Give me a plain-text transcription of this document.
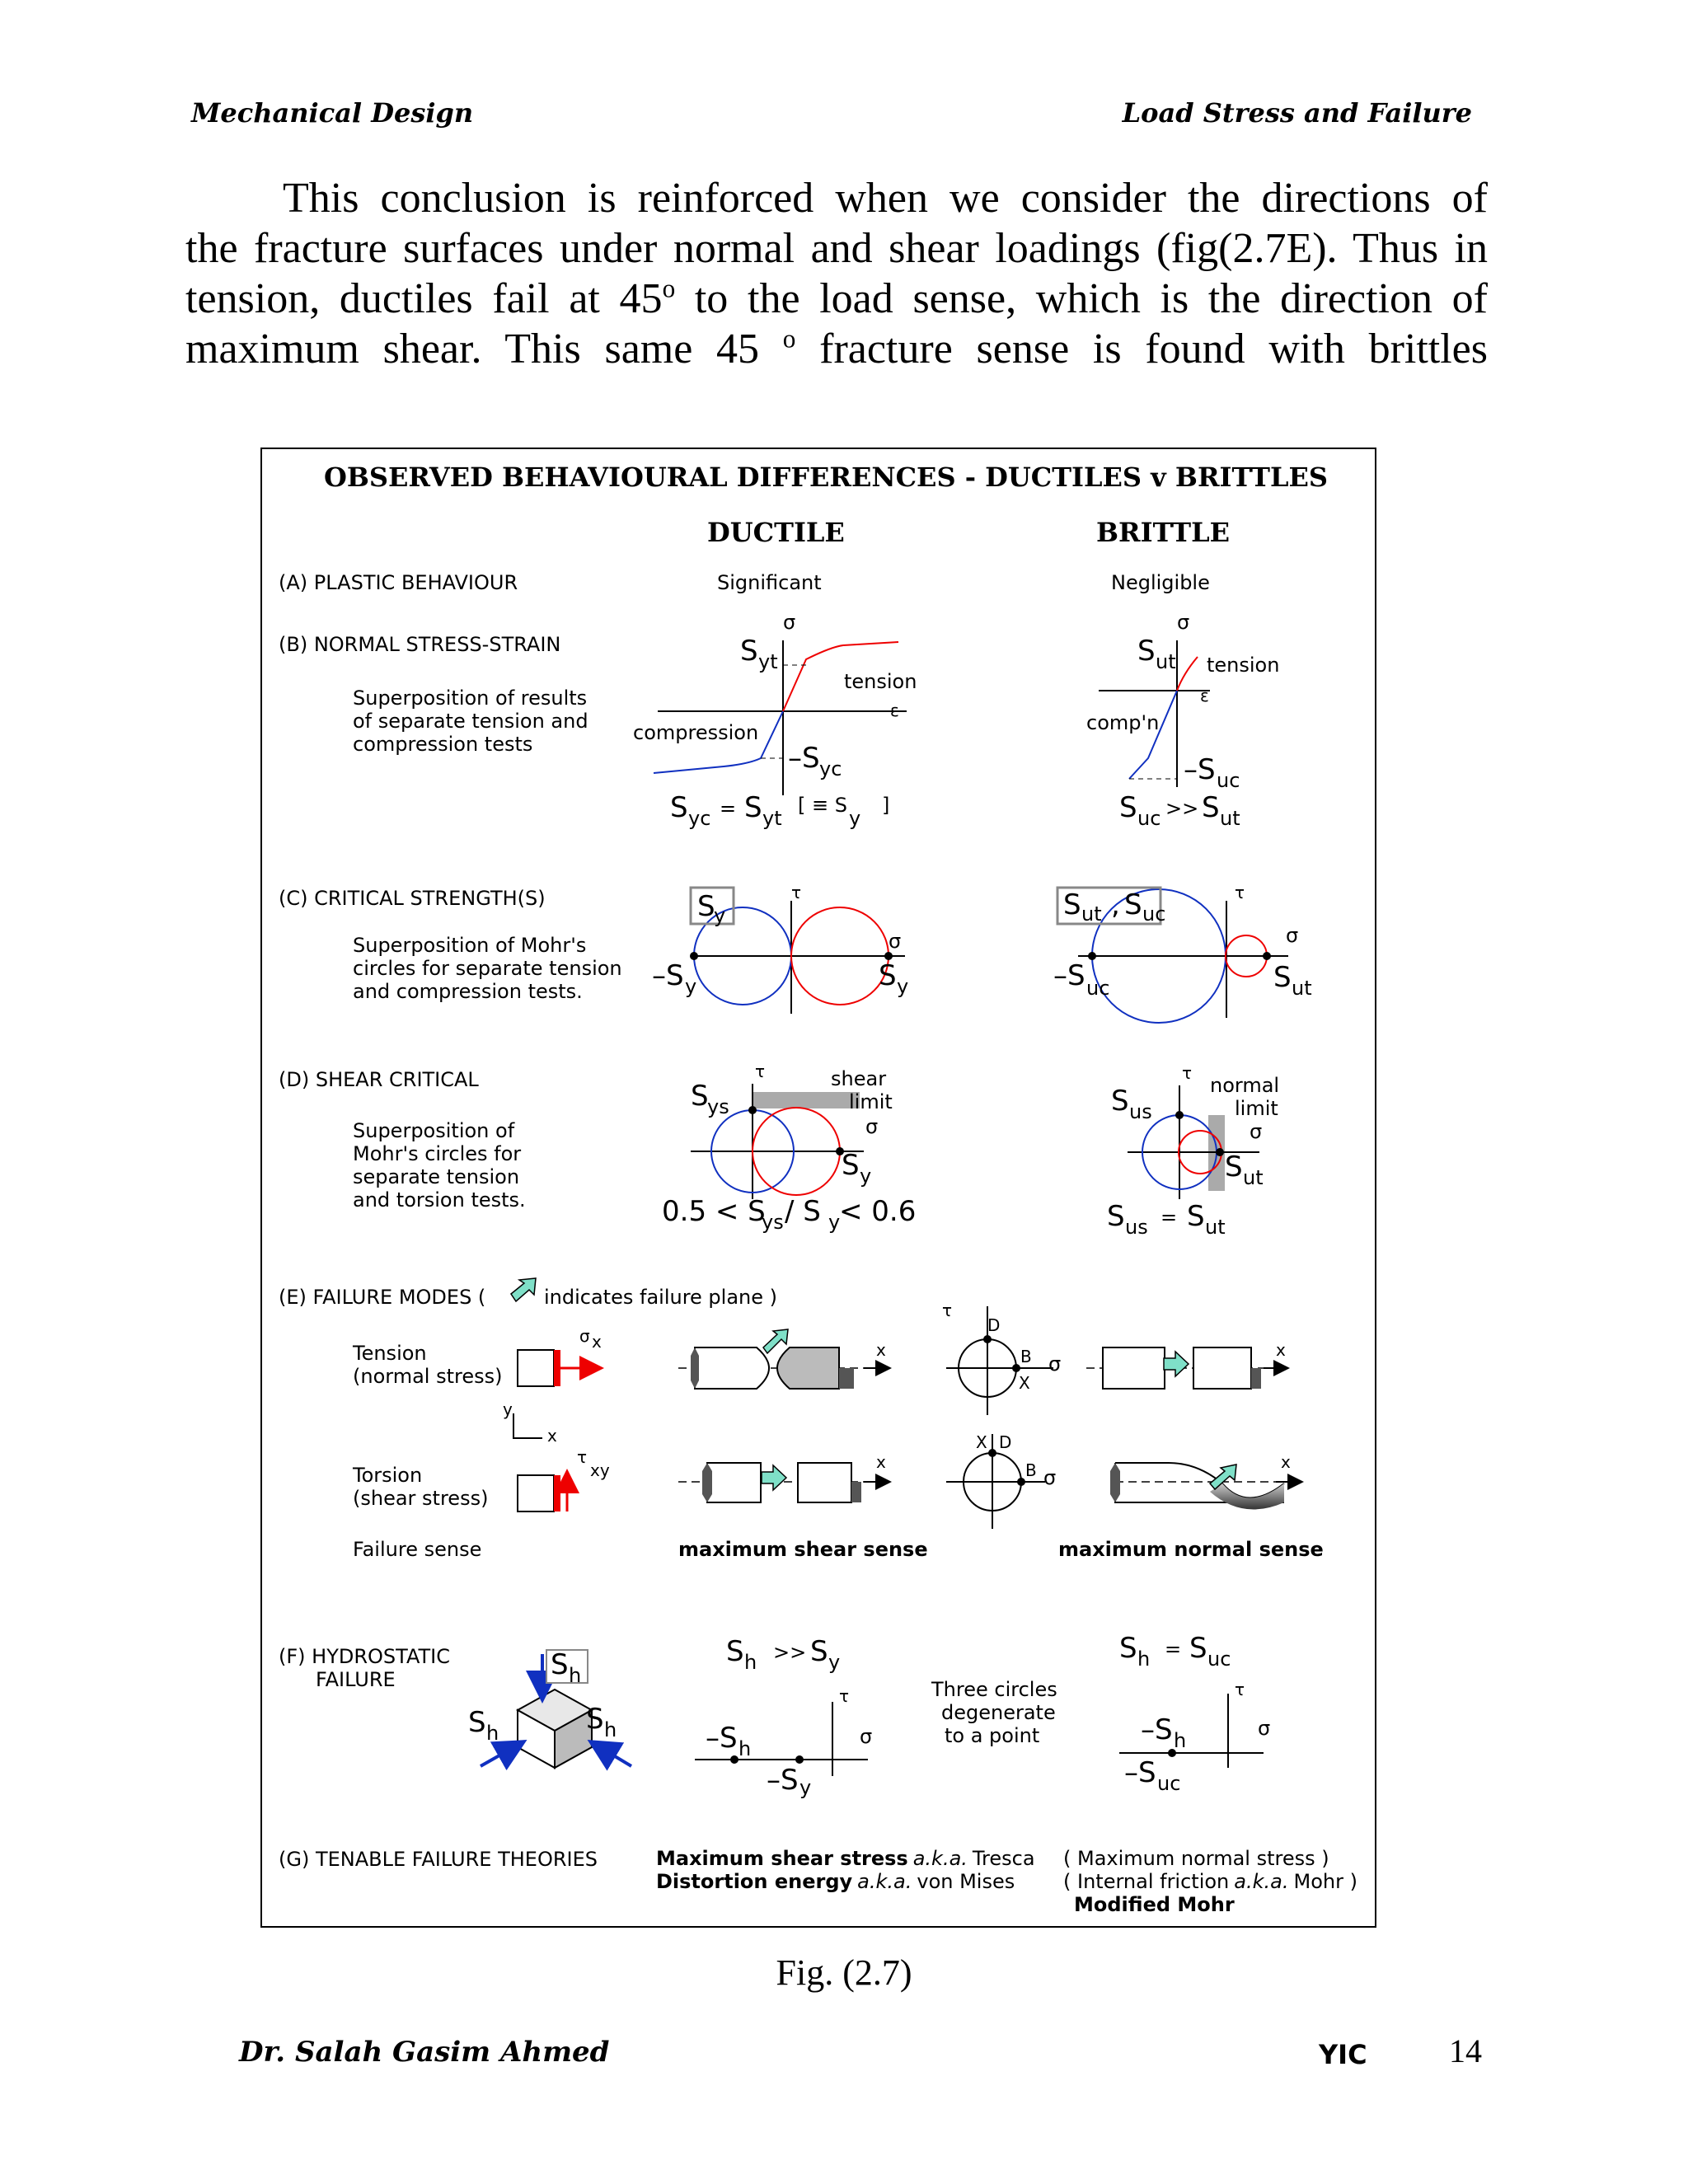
Mechanical Design	Load Stress and Failure

This conclusion is reinforced when we consider the directions of

the fracture surfaces under normal and shear loadings (fig(2.7E). Thus in

tension, ductiles fail at 45$^o$ to the load sense, which is the direction of

maximum shear. This same 45 $^o$ fracture sense is found with brittles

OBSERVED BEHAVIOURAL DIFFERENCES - DUCTILES v BRITTLES
DUCTILE	BRITTLE
(A) PLASTIC BEHAVIOUR	Significant	Negligible
(B) NORMAL STRESS-STRAIN
Superposition of results
of separate tension and
compression tests
σ
ε
tension
compression
S yt
–S yc
S yc = S yt
[ ≡ S
y
]
σ
ε
tension
comp'n
S ut
–S uc
S uc >> S ut
(C) CRITICAL STRENGTH(S)
Superposition of Mohr's
circles for separate tension
and compression tests.
τ
σ
S
y
–S y	S y
τ
σ
S ut , S uc
–S uc	S ut
(D) SHEAR CRITICAL
Superposition of
Mohr's circles for
separate tension
and torsion tests.
τ
σ
shear
limit
S
ys
S y
0.5 < S
ys / S y
< 0.6
τ
σ
normal
limit
S us
S ut
S us = S ut
(E) FAILURE MODES (	indicates failure plane )
Tension
(normal stress)
σ x
y
x
x
τ
σ
D
B
X
x
Torsion
(shear stress)
τ
xy	x
σ
X D
B	x
Failure sense	maximum shear sense	maximum normal sense
(F) HYDROSTATIC
FAILURE	S h
S h	S h
S h >> S y
τ
σ
–S h
–S y
Three circles
degenerate
to a point
S h = S uc
τ
σ
–S h
–S uc
(G) TENABLE FAILURE THEORIES	Maximum shear stress a.k.a. Tresca
Distortion energy a.k.a. von Mises
( Maximum normal stress )
( Internal friction a.k.a. Mohr )
Modified Mohr
Fig. (2.7)
Dr. Salah Gasim Ahmed	YIC 14
